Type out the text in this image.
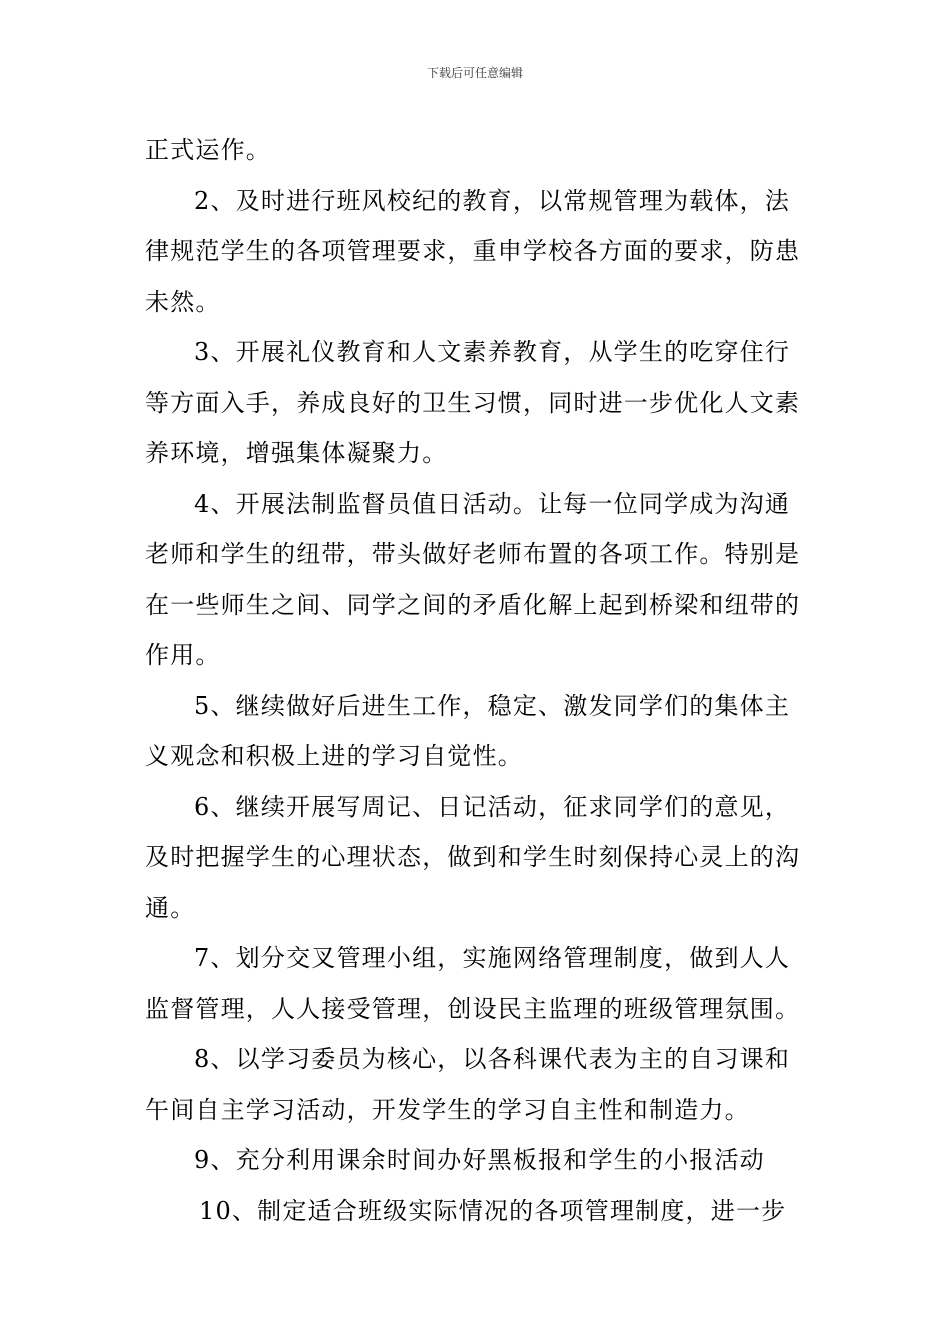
下载后可任意编辑

正式运作。

2、及时进行班风校纪的教育，以常规管理为载体，法律规范学生的各项管理要求，重申学校各方面的要求，防患未然。

3、开展礼仪教育和人文素养教育，从学生的吃穿住行等方面入手，养成良好的卫生习惯，同时进一步优化人文素养环境，增强集体凝聚力。

4、开展法制监督员值日活动。让每一位同学成为沟通老师和学生的纽带，带头做好老师布置的各项工作。特别是在一些师生之间、同学之间的矛盾化解上起到桥梁和纽带的作用。

5、继续做好后进生工作，稳定、激发同学们的集体主义观念和积极上进的学习自觉性。

6、继续开展写周记、日记活动，征求同学们的意见，及时把握学生的心理状态，做到和学生时刻保持心灵上的沟通。

7、划分交叉管理小组，实施网络管理制度，做到人人监督管理，人人接受管理，创设民主监理的班级管理氛围。

8、以学习委员为核心，以各科课代表为主的自习课和午间自主学习活动，开发学生的学习自主性和制造力。

9、充分利用课余时间办好黑板报和学生的小报活动

10、制定适合班级实际情况的各项管理制度，进一步
